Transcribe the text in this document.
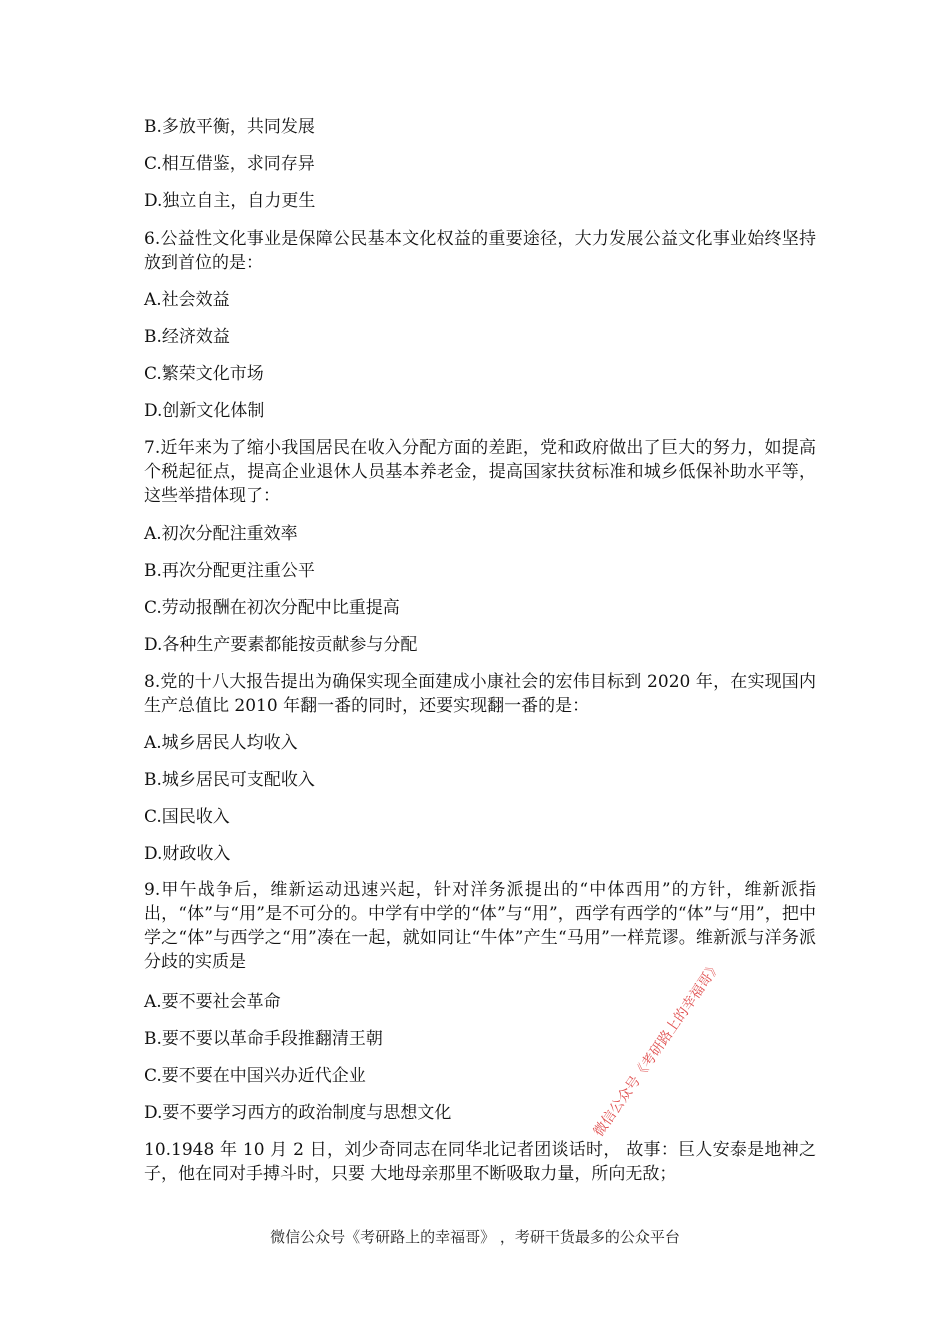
B.多放平衡，共同发展
C.相互借鉴，求同存异
D.独立自主，自力更生
6.公益性文化事业是保障公民基本文化权益的重要途径，大力发展公益文化事业始终坚持放到首位的是：
A.社会效益
B.经济效益
C.繁荣文化市场
D.创新文化体制
7.近年来为了缩小我国居民在收入分配方面的差距，党和政府做出了巨大的努力，如提高个税起征点，提高企业退休人员基本养老金，提高国家扶贫标准和城乡低保补助水平等，这些举措体现了：
A.初次分配注重效率
B.再次分配更注重公平
C.劳动报酬在初次分配中比重提高
D.各种生产要素都能按贡献参与分配
8.党的十八大报告提出为确保实现全面建成小康社会的宏伟目标到 2020 年，在实现国内生产总值比 2010 年翻一番的同时，还要实现翻一番的是：
A.城乡居民人均收入
B.城乡居民可支配收入
C.国民收入
D.财政收入
9.甲午战争后，维新运动迅速兴起，针对洋务派提出的“中体西用”的方针，维新派指出，“体”与“用”是不可分的。中学有中学的“体”与“用”，西学有西学的“体”与“用”，把中学之“体”与西学之“用”凑在一起，就如同让“牛体”产生“马用”一样荒谬。维新派与洋务派分歧的实质是
A.要不要社会革命
B.要不要以革命手段推翻清王朝
C.要不要在中国兴办近代企业
D.要不要学习西方的政治制度与思想文化
10.1948 年 10 月 2 日，刘少奇同志在同华北记者团谈话时， 故事：巨人安泰是地神之子，他在同对手搏斗时，只要 大地母亲那里不断吸取力量，所向无敌；
微信公众号《考研路上的幸福哥》 ，考研干货最多的公众平台
微信公众号《考研路上的幸福哥》
